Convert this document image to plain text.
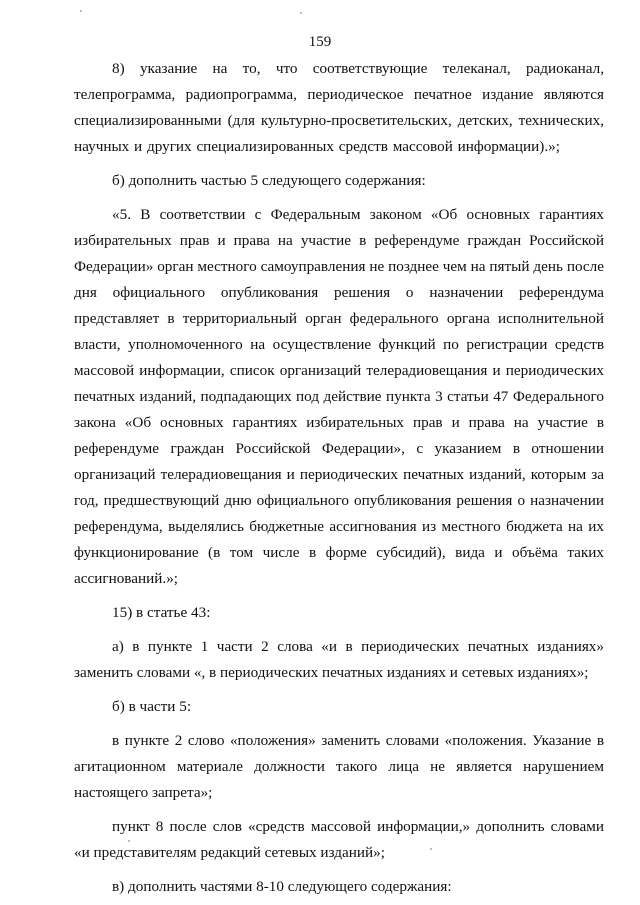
159

8) указание на то, что соответствующие телеканал, радиоканал, телепрограмма, радиопрограмма, периодическое печатное издание являются специализированными (для культурно-просветительских, детских, технических, научных и других специализированных средств массовой информации).»;

б) дополнить частью 5 следующего содержания:

«5. В соответствии с Федеральным законом «Об основных гарантиях избирательных прав и права на участие в референдуме граждан Российской Федерации» орган местного самоуправления не позднее чем на пятый день после дня официального опубликования решения о назначении референдума представляет в территориальный орган федерального органа исполнительной власти, уполномоченного на осуществление функций по регистрации средств массовой информации, список организаций телерадиовещания и периодических печатных изданий, подпадающих под действие пункта 3 статьи 47 Федерального закона «Об основных гарантиях избирательных прав и права на участие в референдуме граждан Российской Федерации», с указанием в отношении организаций телерадиовещания и периодических печатных изданий, которым за год, предшествующий дню официального опубликования решения о назначении референдума, выделялись бюджетные ассигнования из местного бюджета на их функционирование (в том числе в форме субсидий), вида и объёма таких ассигнований.»;

15) в статье 43:

а) в пункте 1 части 2 слова «и в периодических печатных изданиях» заменить словами «, в периодических печатных изданиях и сетевых изданиях»;

б) в части 5:

в пункте 2 слово «положения» заменить словами «положения. Указание в агитационном материале должности такого лица не является нарушением настоящего запрета»;

пункт 8 после слов «средств массовой информации,» дополнить словами «и представителям редакций сетевых изданий»;

в) дополнить частями 8-10 следующего содержания:
